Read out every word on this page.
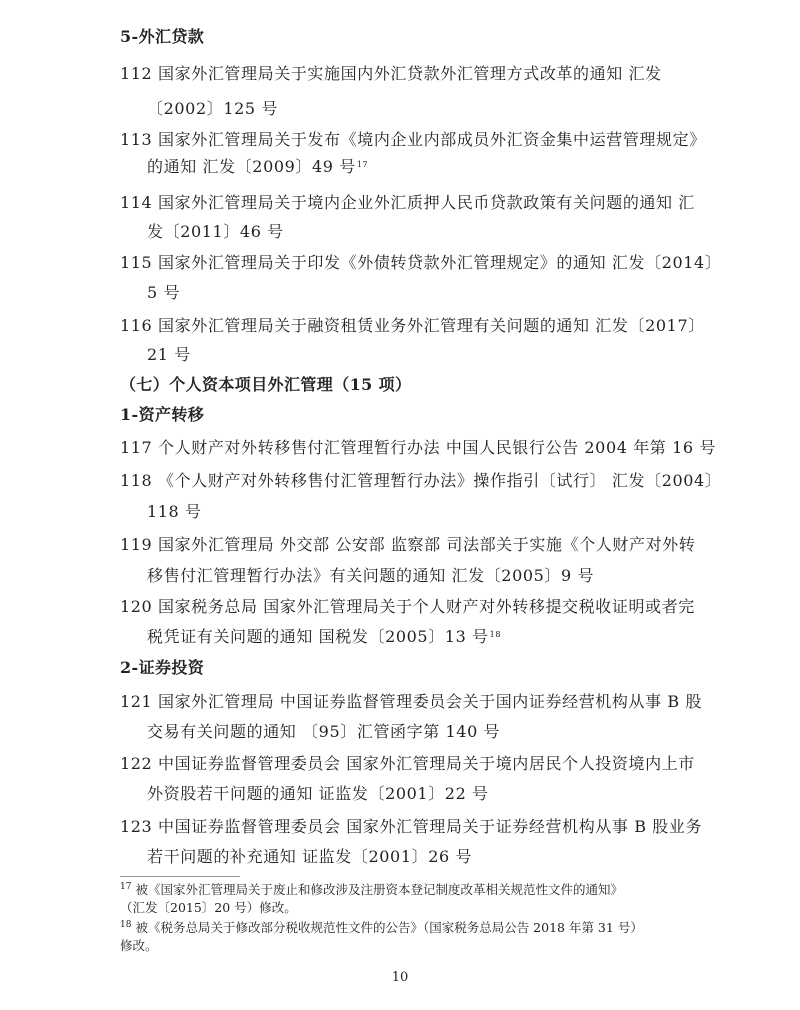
5-外汇贷款
112 国家外汇管理局关于实施国内外汇贷款外汇管理方式改革的通知 汇发
〔2002〕125 号
113 国家外汇管理局关于发布《境内企业内部成员外汇资金集中运营管理规定》
的通知 汇发〔2009〕49 号$^{17}$
114 国家外汇管理局关于境内企业外汇质押人民币贷款政策有关问题的通知 汇
发〔2011〕46 号
115 国家外汇管理局关于印发《外债转贷款外汇管理规定》的通知 汇发〔2014〕
5 号
116 国家外汇管理局关于融资租赁业务外汇管理有关问题的通知 汇发〔2017〕
21 号
（七）个人资本项目外汇管理（15 项）
1-资产转移
117 个人财产对外转移售付汇管理暂行办法 中国人民银行公告 2004 年第 16 号
118 《个人财产对外转移售付汇管理暂行办法》操作指引〔试行〕 汇发〔2004〕
118 号
119 国家外汇管理局 外交部 公安部 监察部 司法部关于实施《个人财产对外转
移售付汇管理暂行办法》有关问题的通知 汇发〔2005〕9 号
120 国家税务总局 国家外汇管理局关于个人财产对外转移提交税收证明或者完
税凭证有关问题的通知 国税发〔2005〕13 号$^{18}$
2-证券投资
121 国家外汇管理局 中国证券监督管理委员会关于国内证券经营机构从事 B 股
交易有关问题的通知 〔95〕汇管函字第 140 号
122 中国证券监督管理委员会 国家外汇管理局关于境内居民个人投资境内上市
外资股若干问题的通知 证监发〔2001〕22 号
123 中国证券监督管理委员会 国家外汇管理局关于证券经营机构从事 B 股业务
若干问题的补充通知 证监发〔2001〕26 号
$^{17}$ 被《国家外汇管理局关于废止和修改涉及注册资本登记制度改革相关规范性文件的通知》
（汇发〔2015〕20 号）修改。
$^{18}$ 被《税务总局关于修改部分税收规范性文件的公告》（国家税务总局公告 2018 年第 31 号）
修改。
10
